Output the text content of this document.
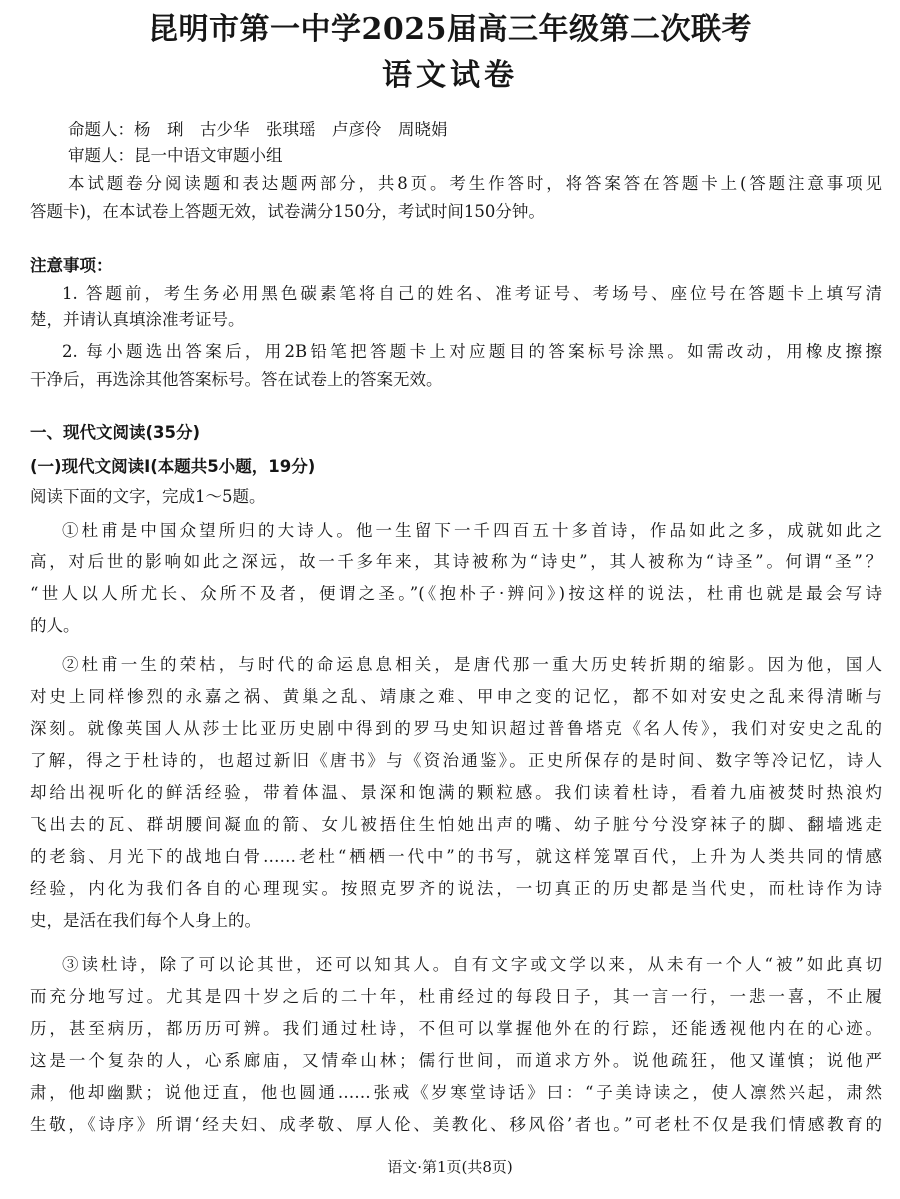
昆明市第一中学2025届高三年级第二次联考
语文试卷
命题人：杨　琍　古少华　张琪瑶　卢彦伶　周晓娟
审题人：昆一中语文审题小组
本试题卷分阅读题和表达题两部分，共8页。考生作答时，将答案答在答题卡上(答题注意事项见
答题卡)，在本试卷上答题无效，试卷满分150分，考试时间150分钟。
注意事项：
1. 答题前，考生务必用黑色碳素笔将自己的姓名、准考证号、考场号、座位号在答题卡上填写清
楚，并请认真填涂准考证号。
2. 每小题选出答案后，用2B铅笔把答题卡上对应题目的答案标号涂黑。如需改动，用橡皮擦擦
干净后，再选涂其他答案标号。答在试卷上的答案无效。
一、现代文阅读(35分)
(一)现代文阅读Ⅰ(本题共5小题，19分)
阅读下面的文字，完成1～5题。
①杜甫是中国众望所归的大诗人。他一生留下一千四百五十多首诗，作品如此之多，成就如此之
高，对后世的影响如此之深远，故一千多年来，其诗被称为“诗史”，其人被称为“诗圣”。何谓“圣”？
“世人以人所尤长、众所不及者，便谓之圣。”(《抱朴子·辨问》)按这样的说法，杜甫也就是最会写诗
的人。
②杜甫一生的荣枯，与时代的命运息息相关，是唐代那一重大历史转折期的缩影。因为他，国人
对史上同样惨烈的永嘉之祸、黄巢之乱、靖康之难、甲申之变的记忆，都不如对安史之乱来得清晰与
深刻。就像英国人从莎士比亚历史剧中得到的罗马史知识超过普鲁塔克《名人传》，我们对安史之乱的
了解，得之于杜诗的，也超过新旧《唐书》与《资治通鉴》。正史所保存的是时间、数字等冷记忆，诗人
却给出视听化的鲜活经验，带着体温、景深和饱满的颗粒感。我们读着杜诗，看着九庙被焚时热浪灼
飞出去的瓦、群胡腰间凝血的箭、女儿被捂住生怕她出声的嘴、幼子脏兮兮没穿袜子的脚、翻墙逃走
的老翁、月光下的战地白骨……老杜“栖栖一代中”的书写，就这样笼罩百代，上升为人类共同的情感
经验，内化为我们各自的心理现实。按照克罗齐的说法，一切真正的历史都是当代史，而杜诗作为诗
史，是活在我们每个人身上的。
③读杜诗，除了可以论其世，还可以知其人。自有文字或文学以来，从未有一个人“被”如此真切
而充分地写过。尤其是四十岁之后的二十年，杜甫经过的每段日子，其一言一行，一悲一喜，不止履
历，甚至病历，都历历可辨。我们通过杜诗，不但可以掌握他外在的行踪，还能透视他内在的心迹。
这是一个复杂的人，心系廊庙，又情牵山林；儒行世间，而道求方外。说他疏狂，他又谨慎；说他严
肃，他却幽默；说他迂直，他也圆通……张戒《岁寒堂诗话》曰：“子美诗读之，使人凛然兴起，肃然
生敬，《诗序》所谓‘经夫妇、成孝敬、厚人伦、美教化、移风俗’者也。”可老杜不仅是我们情感教育的
语文·第1页(共8页)
